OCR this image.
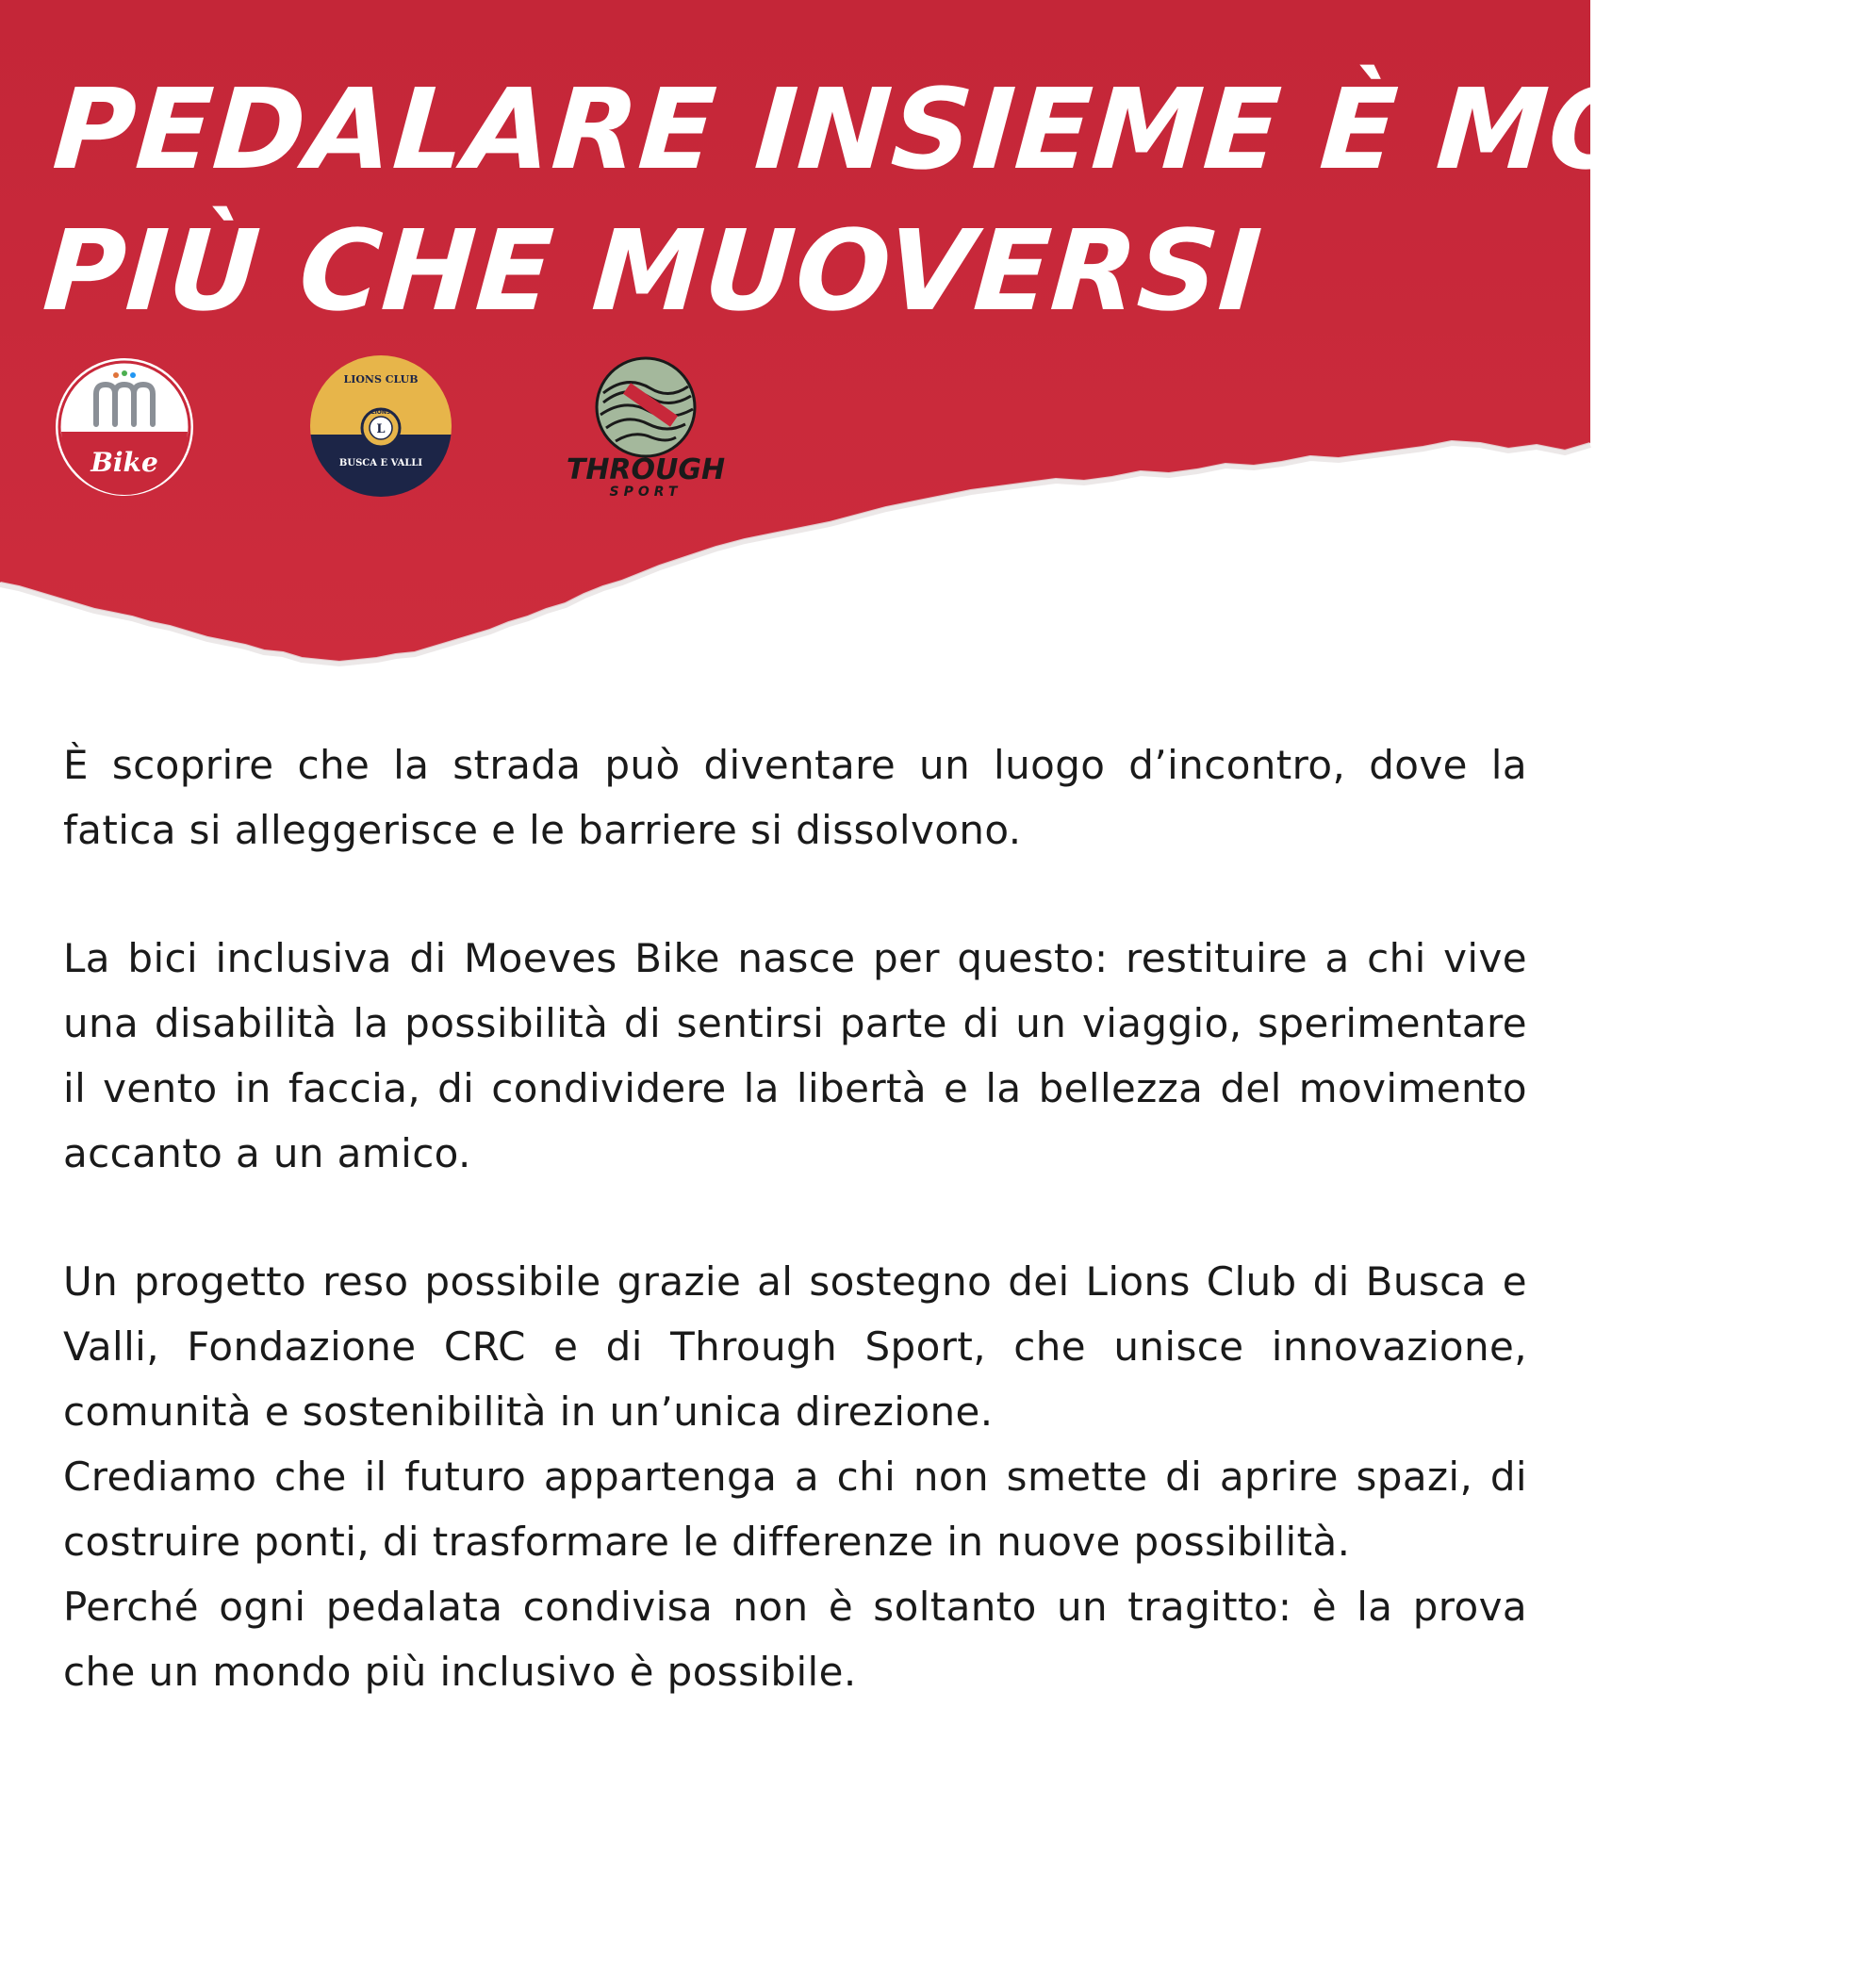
PEDALARE INSIEME È MOLTO
PIÙ CHE MUOVERSI
Bike
LIONS CLUB
L
LIONS
BUSCA E VALLI	THROUGH
SPORT

È scoprire che la strada può diventare un luogo d’incontro, dove la fatica si alleggerisce e le barriere si dissolvono.

La bici inclusiva di Moeves Bike nasce per questo: restituire a chi vive una disabilità la possibilità di sentirsi parte di un viaggio, sperimentare il vento in faccia, di condividere la libertà e la bellezza del movimento accanto a un amico.

Un progetto reso possibile grazie al sostegno dei Lions Club di Busca e Valli, Fondazione CRC e di Through Sport, che unisce innovazione, comunità e sostenibilità in un’unica direzione.

Crediamo che il futuro appartenga a chi non smette di aprire spazi, di costruire ponti, di trasformare le differenze in nuove possibilità.

Perché ogni pedalata condivisa non è soltanto un tragitto: è la prova che un mondo più inclusivo è possibile.
